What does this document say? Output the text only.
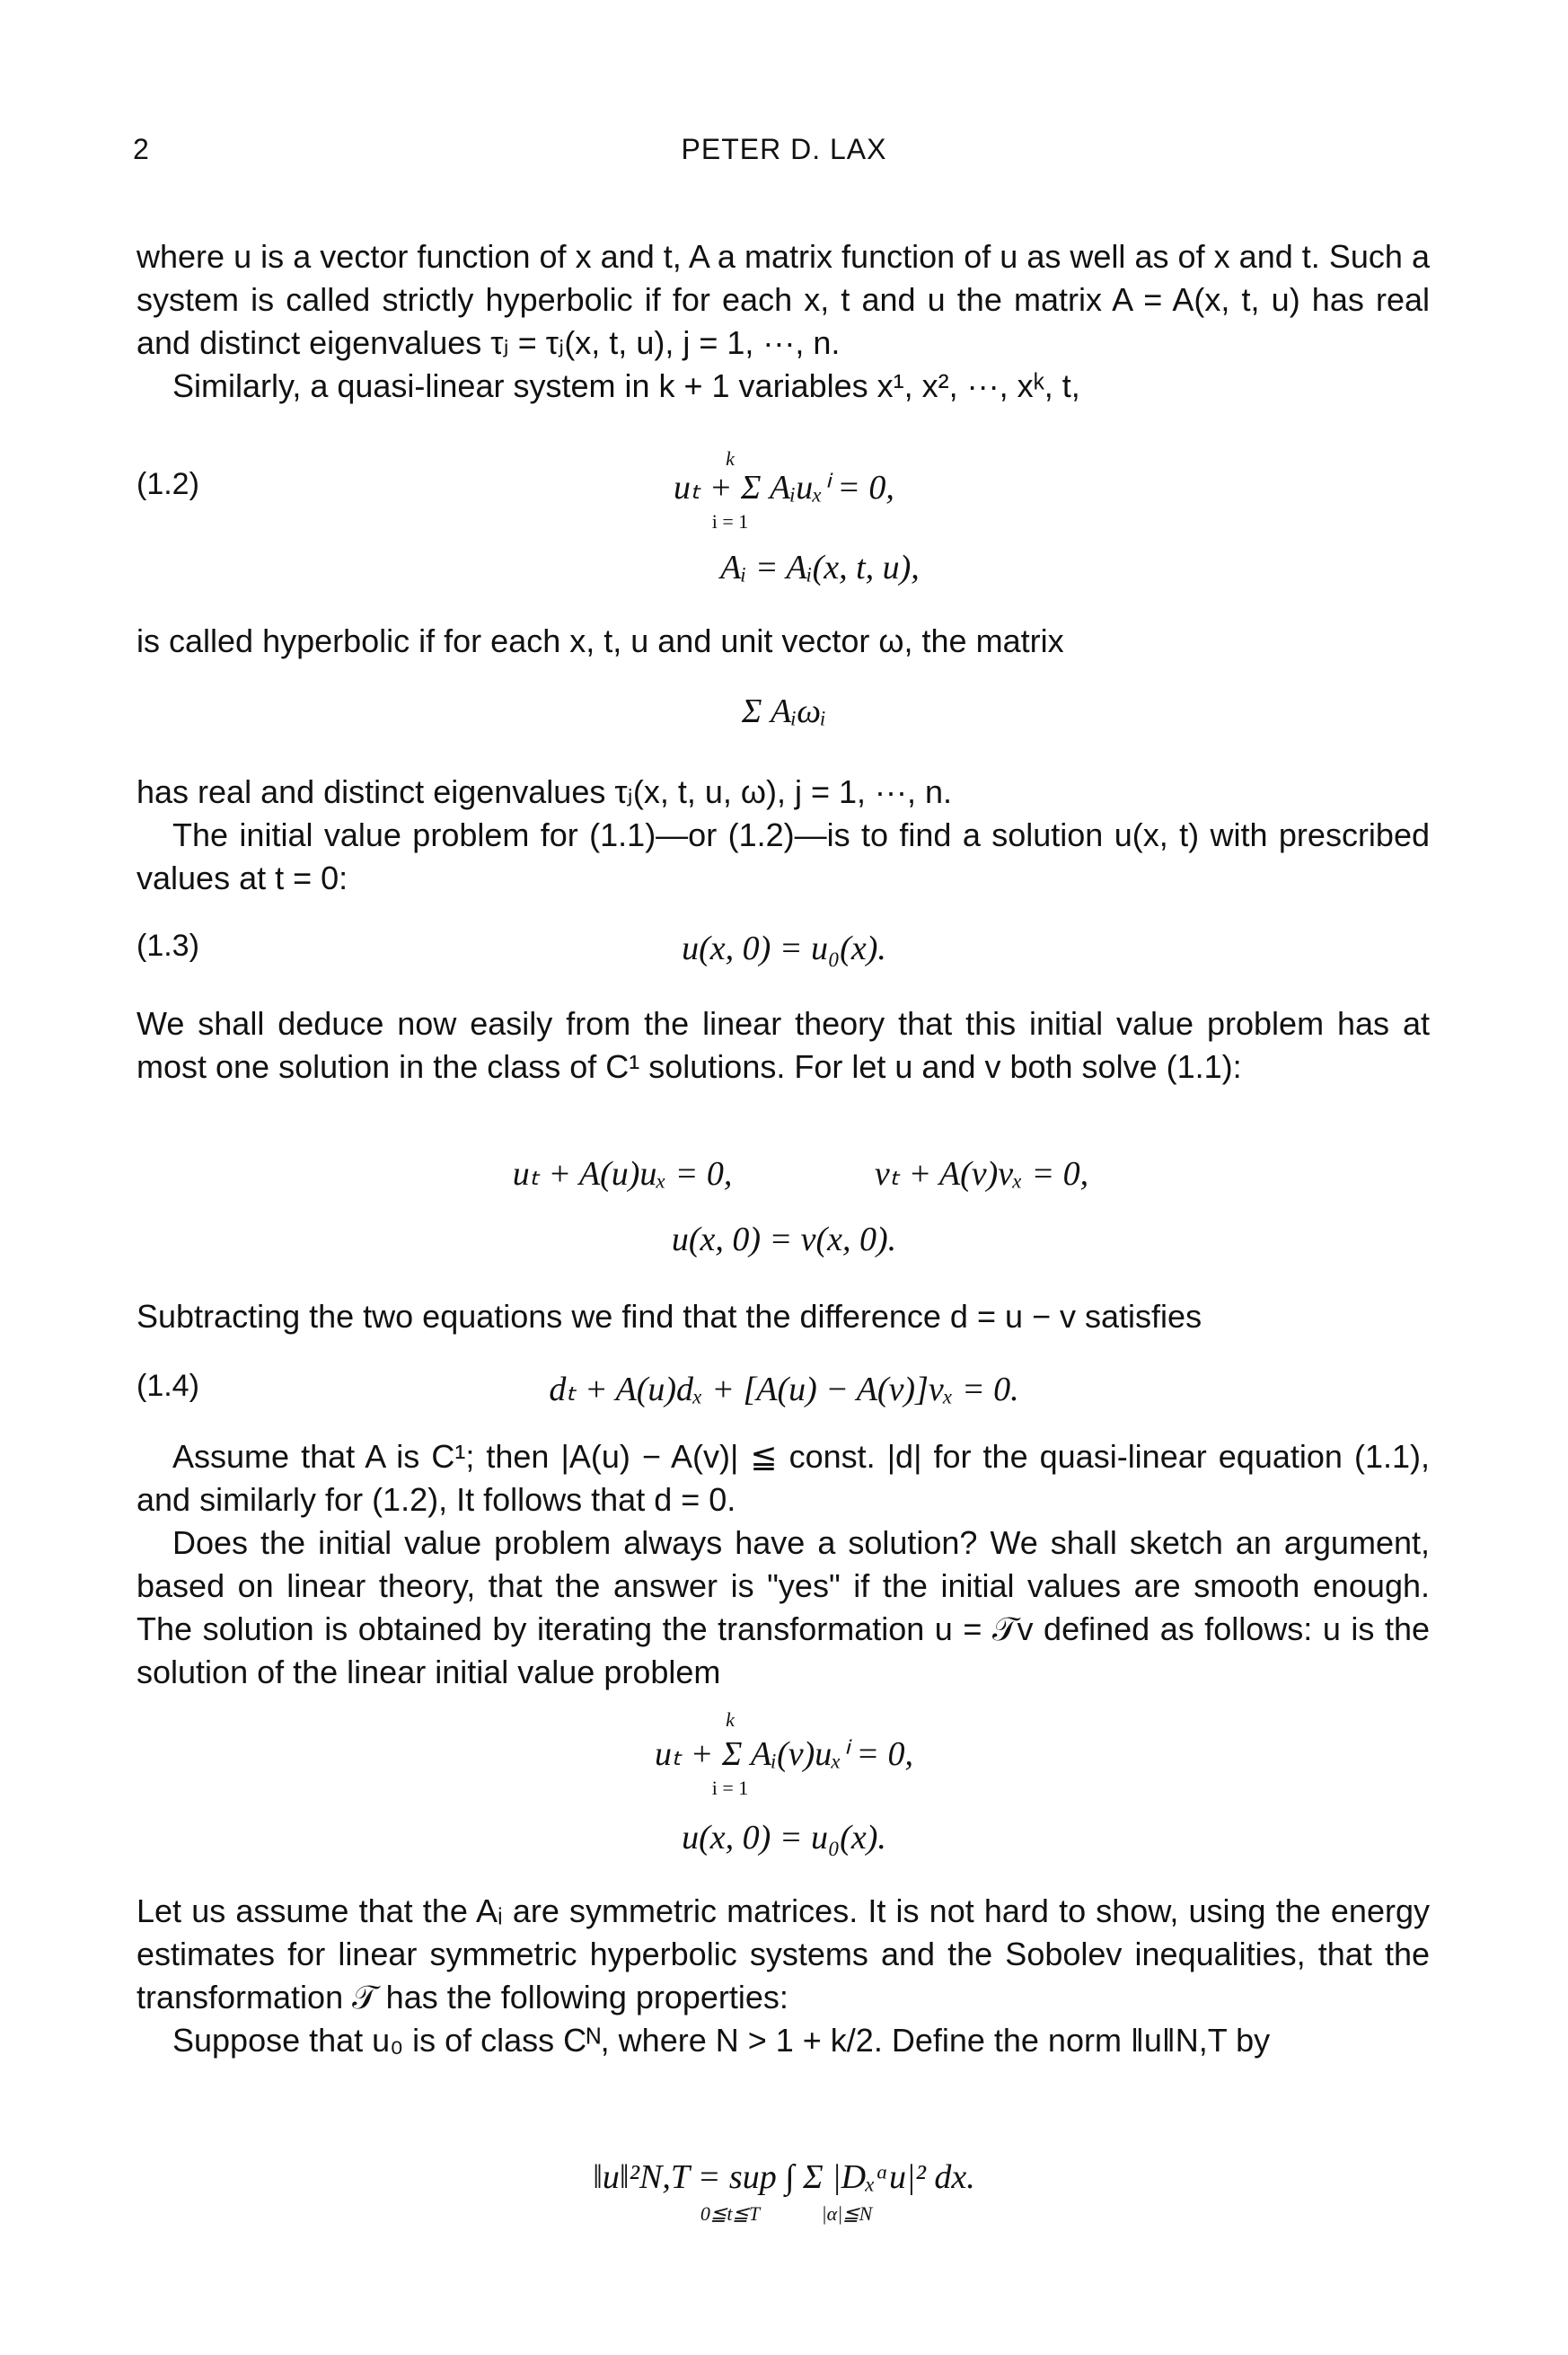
2	PETER D. LAX

where u is a vector function of x and t, A a matrix function of u as well as of x and t. Such a system is called strictly hyperbolic if for each x, t and u the matrix A = A(x, t, u) has real and distinct eigenvalues τⱼ = τⱼ(x, t, u), j = 1, ···, n.

Similarly, a quasi-linear system in k + 1 variables x¹, x², ···, xᵏ, t,

(1.2)	uₜ + Σ Aᵢuₓⁱ = 0,
k
i = 1
Aᵢ = Aᵢ(x, t, u),

is called hyperbolic if for each x, t, u and unit vector ω, the matrix

Σ Aᵢωᵢ

has real and distinct eigenvalues τⱼ(x, t, u, ω), j = 1, ···, n.

The initial value problem for (1.1)—or (1.2)—is to find a solution u(x, t) with prescribed values at t = 0:

(1.3)	u(x, 0) = u₀(x).

We shall deduce now easily from the linear theory that this initial value problem has at most one solution in the class of C¹ solutions. For let u and v both solve (1.1):

uₜ + A(u)uₓ = 0,	vₜ + A(v)vₓ = 0,
u(x, 0) = v(x, 0).

Subtracting the two equations we find that the difference d = u − v satisfies

(1.4)	dₜ + A(u)dₓ + [A(u) − A(v)]vₓ = 0.

Assume that A is C¹; then |A(u) − A(v)| ≦ const. |d| for the quasi-linear equation (1.1), and similarly for (1.2), It follows that d = 0.

Does the initial value problem always have a solution? We shall sketch an argument, based on linear theory, that the answer is "yes" if the initial values are smooth enough. The solution is obtained by iterating the transformation u = 𝒯v defined as follows: u is the solution of the linear initial value problem

k
uₜ + Σ Aᵢ(v)uₓⁱ = 0,
i = 1
u(x, 0) = u₀(x).

Let us assume that the Aᵢ are symmetric matrices. It is not hard to show, using the energy estimates for linear symmetric hyperbolic systems and the Sobolev inequalities, that the transformation 𝒯 has the following properties:

Suppose that u₀ is of class Cᴺ, where N > 1 + k/2. Define the norm ‖u‖N,T by

‖u‖²N,T = sup ∫ Σ |Dₓᵅu|² dx.
0≦t≦T	|α|≦N
